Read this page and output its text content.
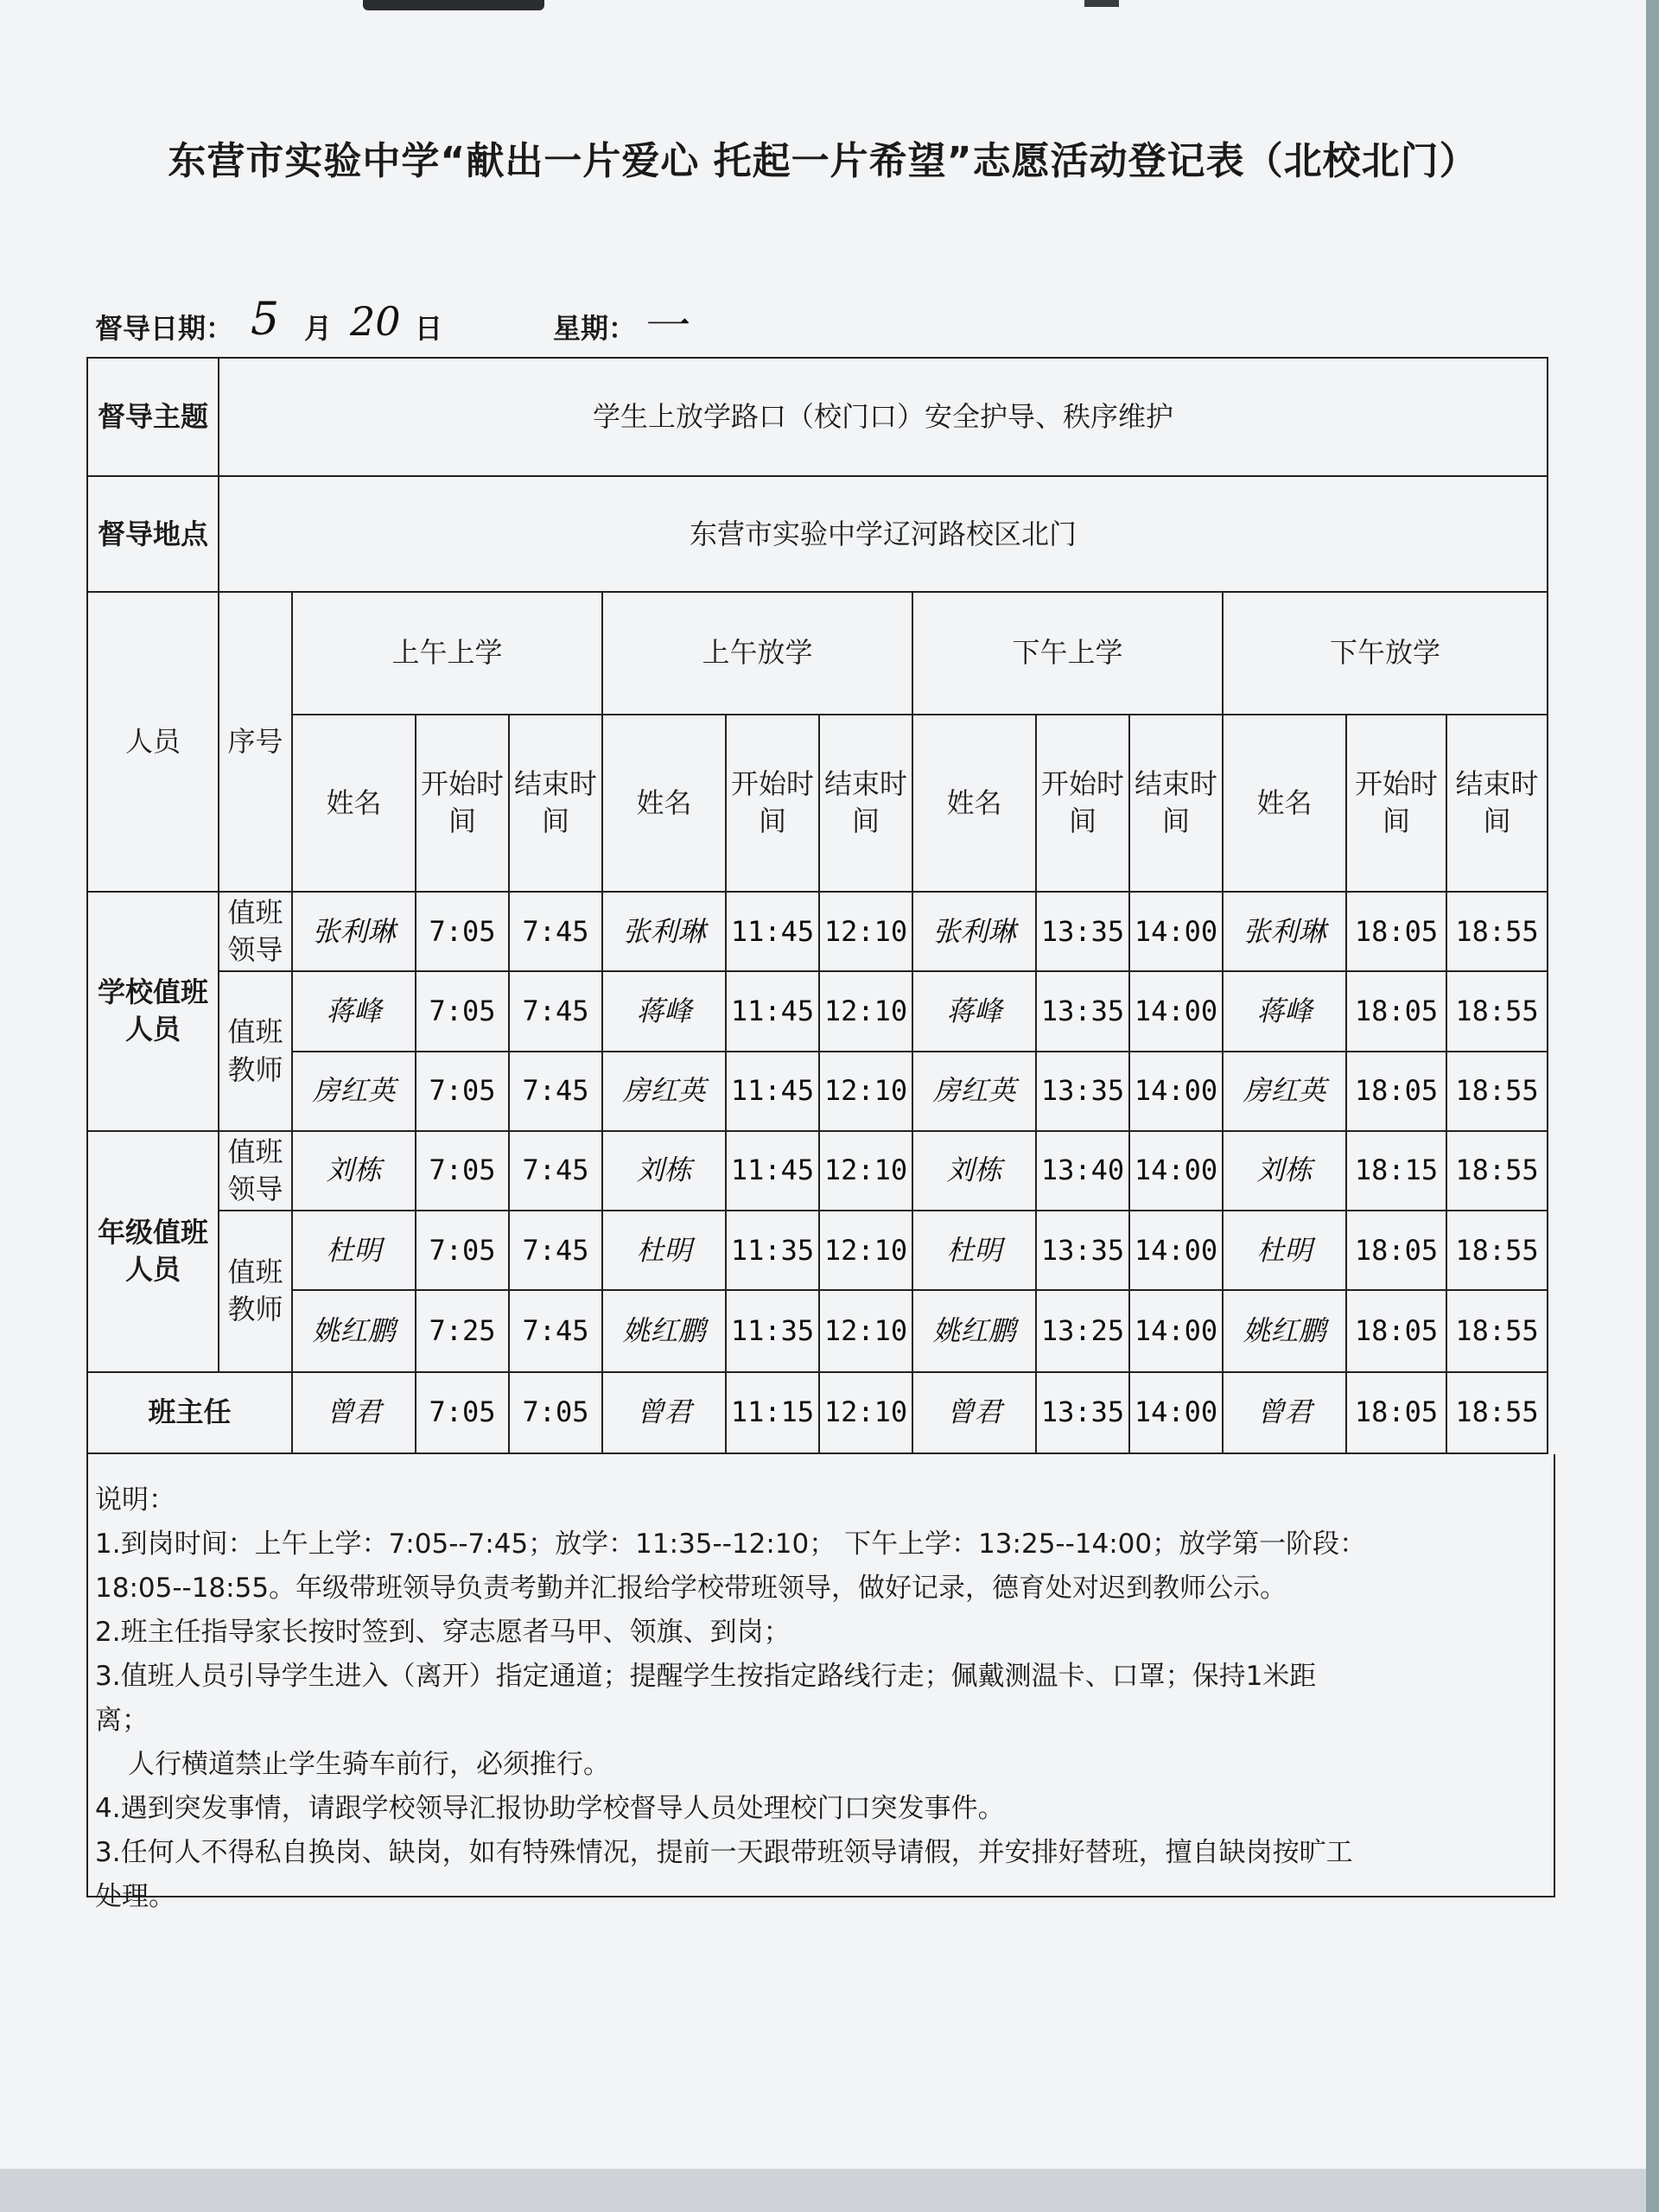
东营市实验中学“献出一片爱心 托起一片希望”志愿活动登记表（北校北门）
督导日期： 5 月 20 日	星期： 一
督导主题	学生上放学路口（校门口）安全护导、秩序维护												
督导地点	东营市实验中学辽河路校区北门												
人员	序号	上午上学			上午放学			下午上学			下午放学		
		姓名	开始时间	结束时间	姓名	开始时间	结束时间	姓名	开始时间	结束时间	姓名	开始时间	结束时间
学校值班人员	值班领导	张利琳	7:05	7:45	张利琳	11:45	12:10	张利琳	13:35	14:00	张利琳	18:05	18:55
	值班教师	蒋峰	7:05	7:45	蒋峰	11:45	12:10	蒋峰	13:35	14:00	蒋峰	18:05	18:55
		房红英	7:05	7:45	房红英	11:45	12:10	房红英	13:35	14:00	房红英	18:05	18:55
年级值班人员	值班领导	刘栋	7:05	7:45	刘栋	11:45	12:10	刘栋	13:40	14:00	刘栋	18:15	18:55
	值班教师	杜明	7:05	7:45	杜明	11:35	12:10	杜明	13:35	14:00	杜明	18:05	18:55
		姚红鹏	7:25	7:45	姚红鹏	11:35	12:10	姚红鹏	13:25	14:00	姚红鹏	18:05	18:55
班主任		曾君	7:05	7:05	曾君	11:15	12:10	曾君	13:35	14:00	曾君	18:05	18:55

说明：

1.到岗时间：上午上学：7:05--7:45；放学：11:35--12:10； 下午上学：13:25--14:00；放学第一阶段：

18:05--18:55。年级带班领导负责考勤并汇报给学校带班领导，做好记录，德育处对迟到教师公示。

2.班主任指导家长按时签到、穿志愿者马甲、领旗、到岗；

3.值班人员引导学生进入（离开）指定通道；提醒学生按指定路线行走；佩戴测温卡、口罩；保持1米距

离；

人行横道禁止学生骑车前行，必须推行。

4.遇到突发事情，请跟学校领导汇报协助学校督导人员处理校门口突发事件。

3.任何人不得私自换岗、缺岗，如有特殊情况，提前一天跟带班领导请假，并安排好替班，擅自缺岗按旷工

处理。
